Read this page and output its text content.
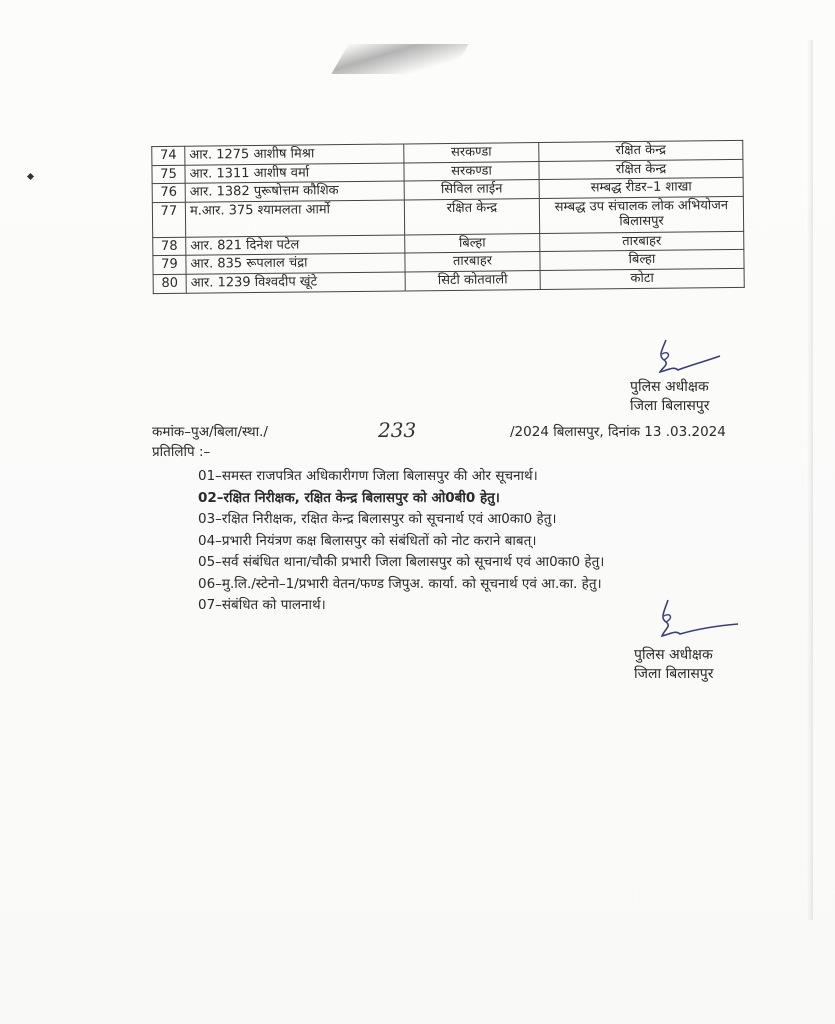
74	आर. 1275 आशीष मिश्रा	सरकण्डा	रक्षित केन्द्र
75	आर. 1311 आशीष वर्मा	सरकण्डा	रक्षित केन्द्र
76	आर. 1382 पुरूषोत्तम कौशिक	सिविल लाईन	सम्बद्ध रीडर–1 शाखा
77	म.आर. 375 श्यामलता आर्मो	रक्षित केन्द्र	सम्बद्ध उप संचालक लोक अभियोजन बिलासपुर
78	आर. 821 दिनेश पटेल	बिल्हा	तारबाहर
79	आर. 835 रूपलाल चंद्रा	तारबाहर	बिल्हा
80	आर. 1239 विश्वदीप खूंटे	सिटी कोतवाली	कोटा
पुलिस अधीक्षक
जिला बिलासपुर
कमांक–पुअ/बिला/स्था./	233	/2024 बिलासपुर, दिनांक 13 .03.2024
प्रतिलिपि :–
01–समस्त राजपत्रित अधिकारीगण जिला बिलासपुर की ओर सूचनार्थ।
02–रक्षित निरीक्षक, रक्षित केन्द्र बिलासपुर को ओ0बी0 हेतु।
03–रक्षित निरीक्षक, रक्षित केन्द्र बिलासपुर को सूचनार्थ एवं आ0का0 हेतु।
04–प्रभारी नियंत्रण कक्ष बिलासपुर को संबंधितों को नोट कराने बाबत्।
05–सर्व संबंधित थाना/चौकी प्रभारी जिला बिलासपुर को सूचनार्थ एवं आ0का0 हेतु।
06–मु.लि./स्टेनो–1/प्रभारी वेतन/फण्ड जिपुअ. कार्या. को सूचनार्थ एवं आ.का. हेतु।
07–संबंधित को पालनार्थ।
पुलिस अधीक्षक
जिला बिलासपुर
